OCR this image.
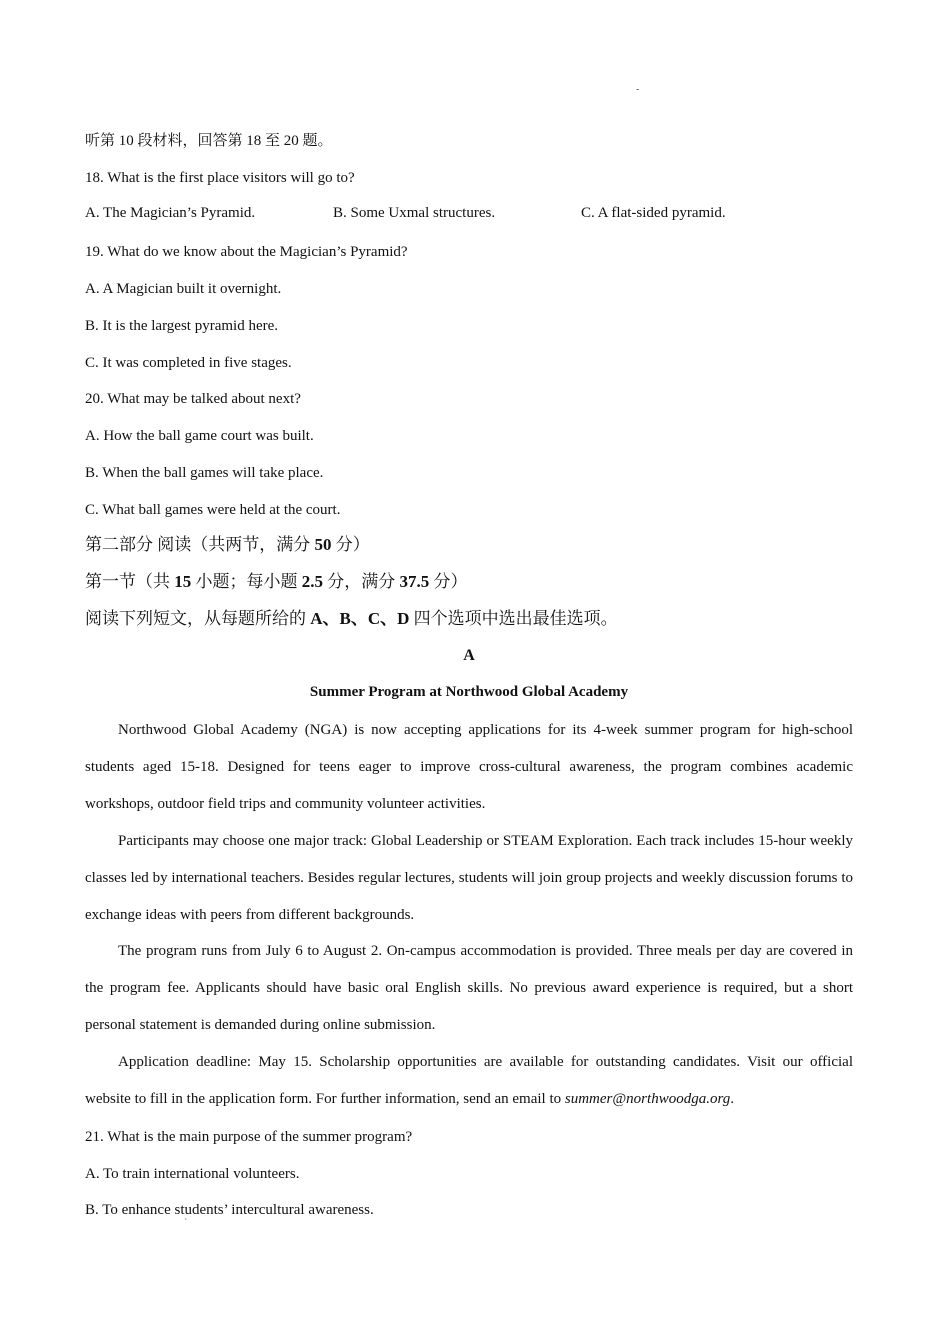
-
听第 10 段材料，回答第 18 至 20 题。
18. What is the first place visitors will go to?
A. The Magician’s Pyramid.	B. Some Uxmal structures.	C. A flat-sided pyramid.
19. What do we know about the Magician’s Pyramid?
A. A Magician built it overnight.
B. It is the largest pyramid here.
C. It was completed in five stages.
20. What may be talked about next?
A. How the ball game court was built.
B. When the ball games will take place.
C. What ball games were held at the court.
第二部分 阅读（共两节，满分 50 分）
第一节（共 15 小题；每小题 2.5 分，满分 37.5 分）
阅读下列短文，从每题所给的 A、B、C、D 四个选项中选出最佳选项。
A
Summer Program at Northwood Global Academy
Northwood Global Academy (NGA) is now accepting applications for its 4-week summer program for high-school students aged 15-18. Designed for teens eager to improve cross-cultural awareness, the program combines academic workshops, outdoor field trips and community volunteer activities.
Participants may choose one major track: Global Leadership or STEAM Exploration. Each track includes 15-hour weekly classes led by international teachers. Besides regular lectures, students will join group projects and weekly discussion forums to exchange ideas with peers from different backgrounds.
The program runs from July 6 to August 2. On-campus accommodation is provided. Three meals per day are covered in the program fee. Applicants should have basic oral English skills. No previous award experience is required, but a short personal statement is demanded during online submission.
Application deadline: May 15. Scholarship opportunities are available for outstanding candidates. Visit our official website to fill in the application form. For further information, send an email to summer@northwoodga.org.
21. What is the main purpose of the summer program?
A. To train international volunteers.
B. To enhance students’ intercultural awareness.
`
